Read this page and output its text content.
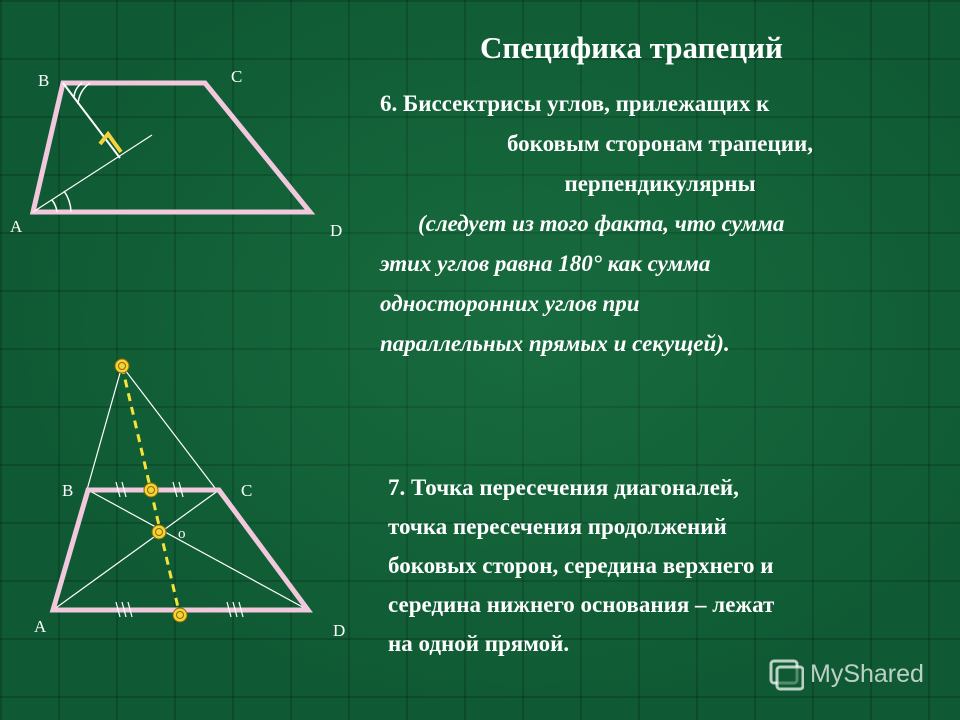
Специфика трапеций
6. Биссектрисы углов, прилежащих к
боковым сторонам трапеции,
перпендикулярны
(следует из того факта, что сумма
этих углов равна 180° как сумма
односторонних углов при
параллельных прямых и секущей).
7. Точка пересечения диагоналей,
точка пересечения продолжений
боковых сторон, середина верхнего и
середина нижнего основания – лежат
на одной прямой.
B	C
A	D
B	C
A	D
о
MyShared
